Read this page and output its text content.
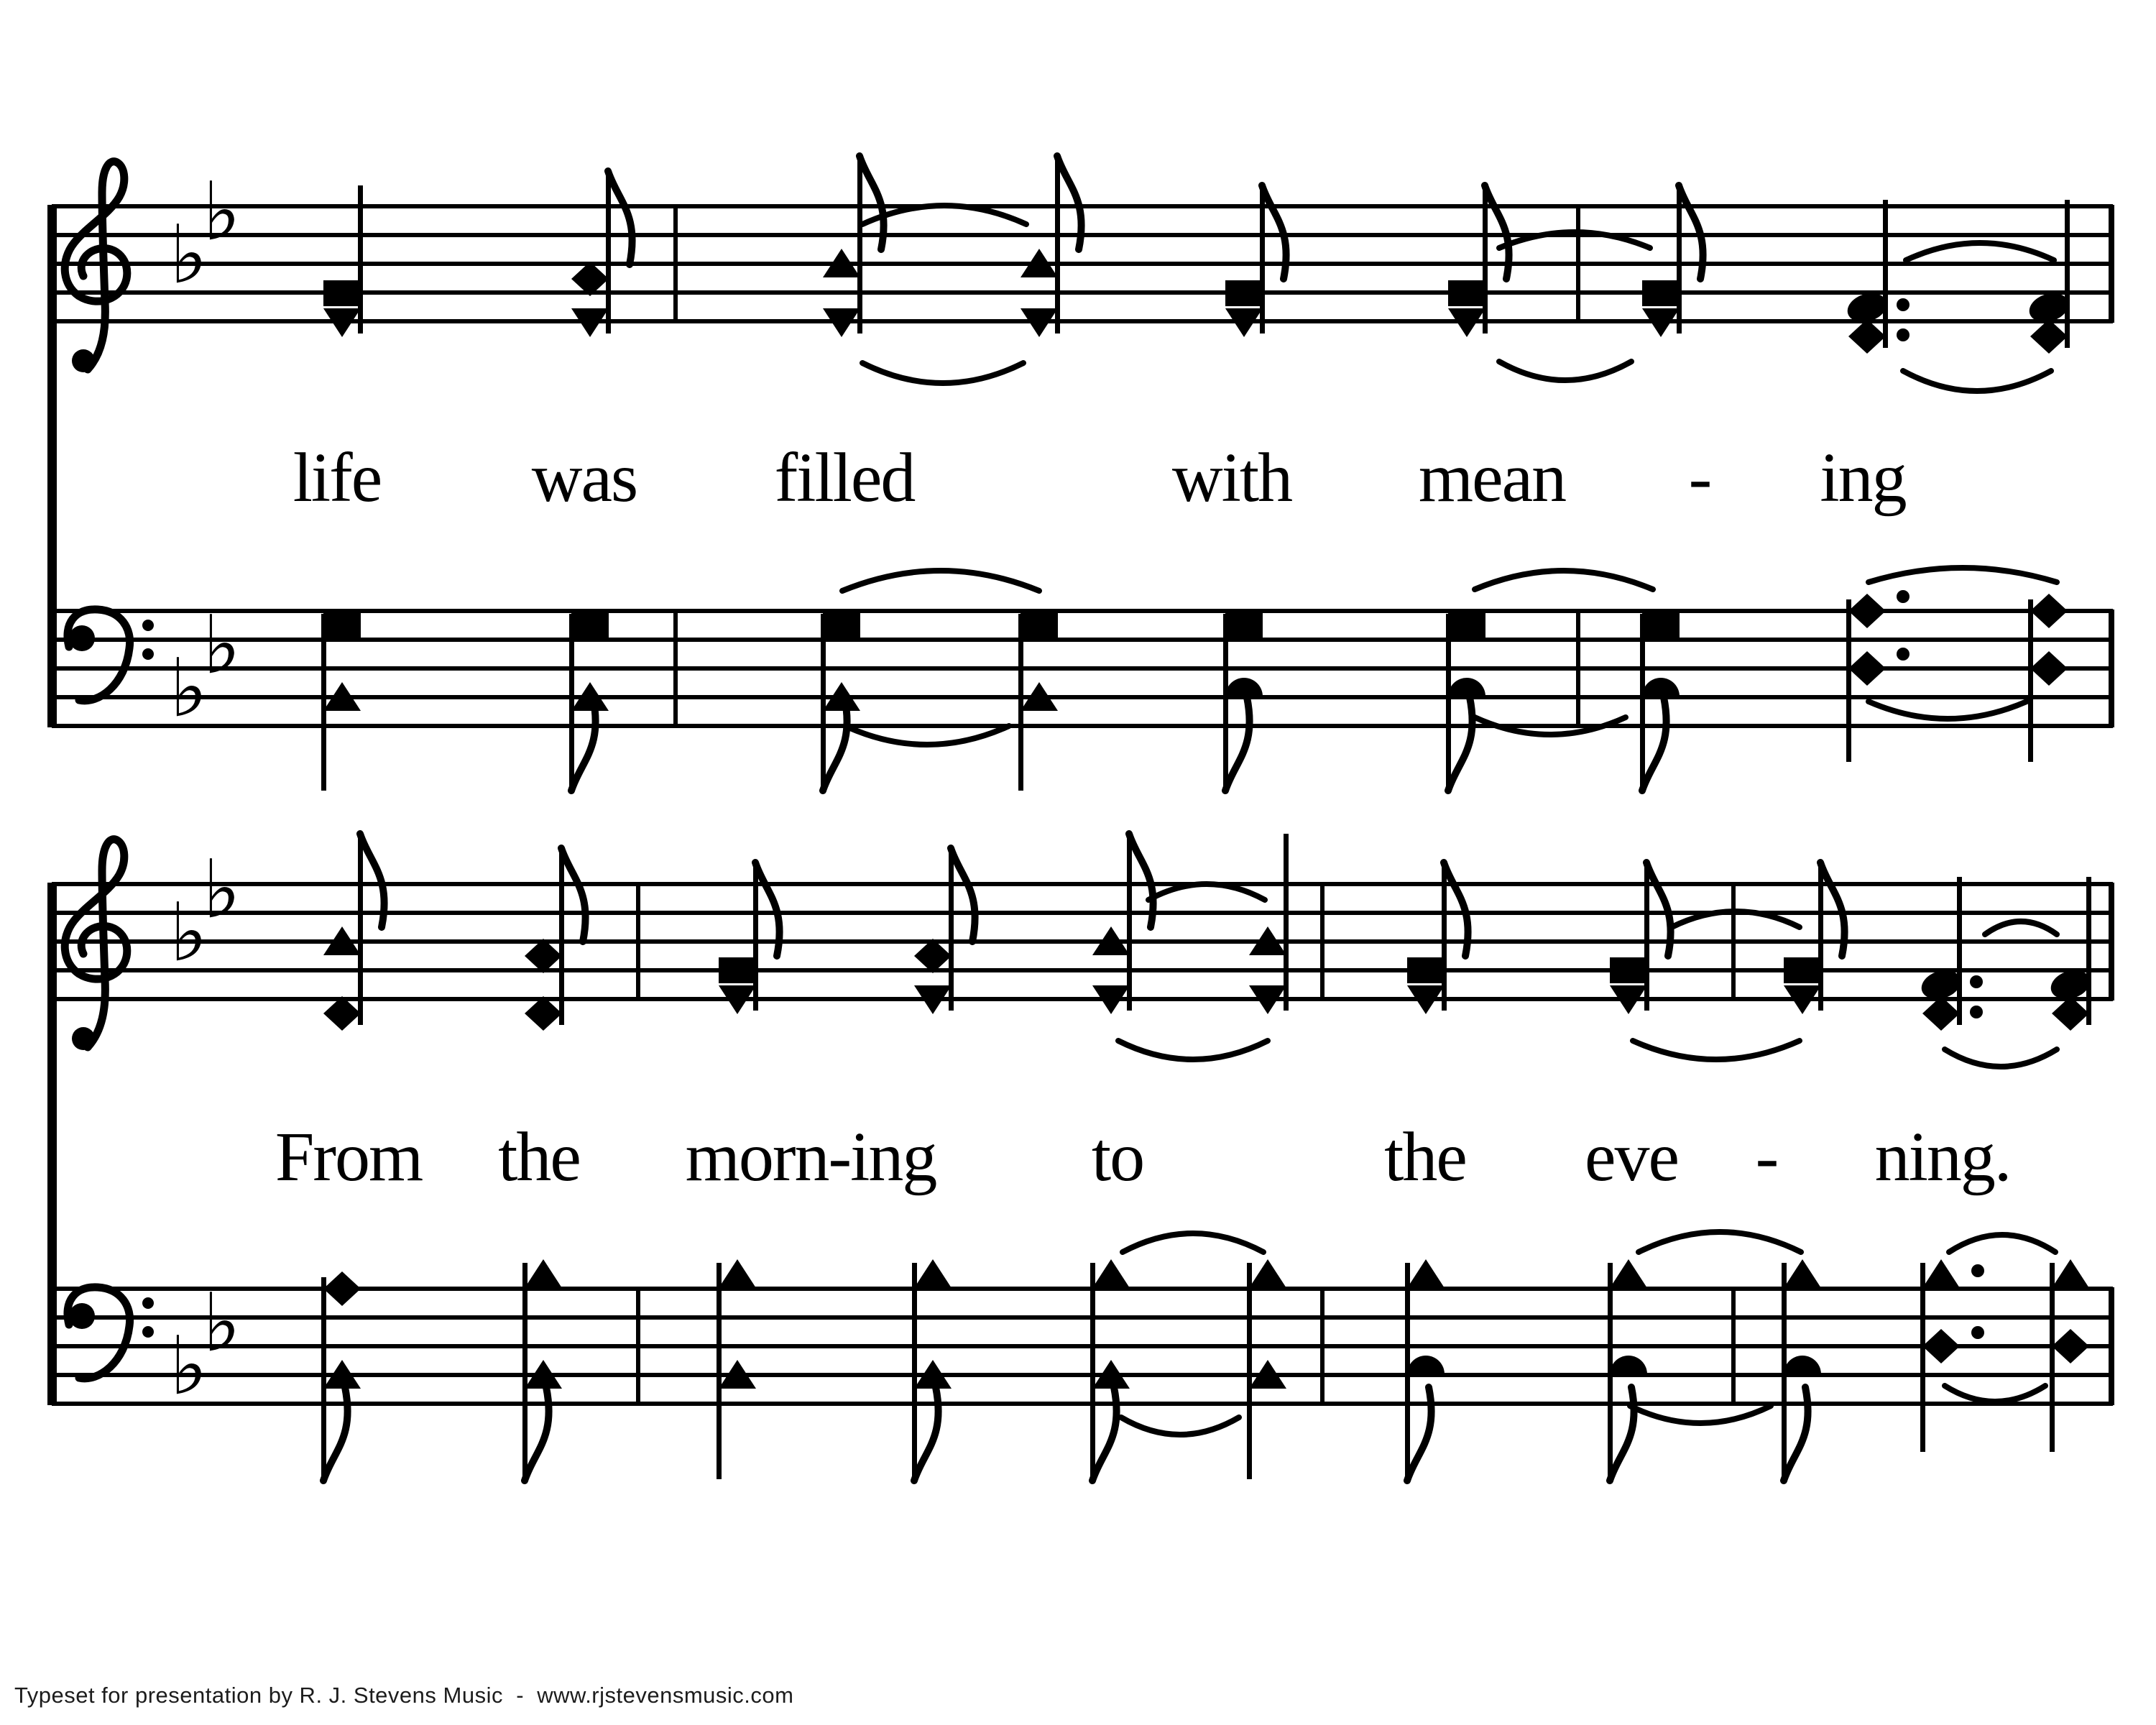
♭
♭
♭
♭
♭
♭
♭
♭
life was filled	with mean - ing
From the morn-ing to	the eve - ning.
Typeset for presentation by R. J. Stevens Music  -  www.rjstevensmusic.com
